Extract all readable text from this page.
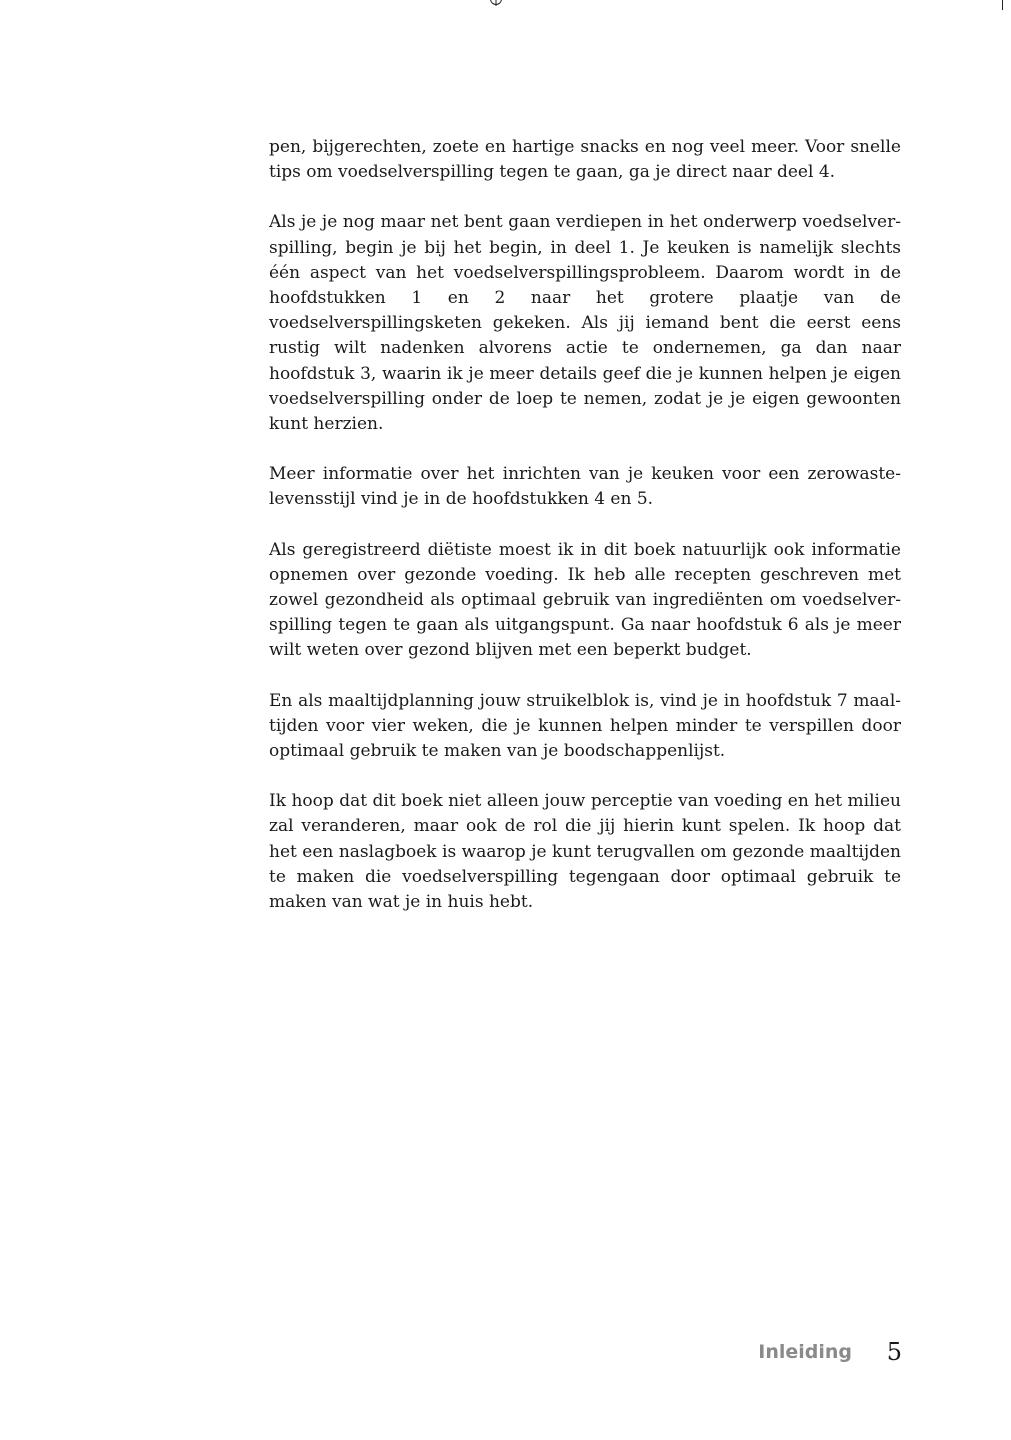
pen, bijgerechten, zoete en hartige snacks en nog veel meer. Voor snelle tips om voedselverspilling tegen te gaan, ga je direct naar deel 4.

Als je je nog maar net bent gaan verdiepen in het onderwerp voedselverspilling, begin je bij het begin, in deel 1. Je keuken is namelijk slechts één aspect van het voedselverspillingsprobleem. Daarom wordt in de hoofdstukken 1 en 2 naar het grotere plaatje van de voedselverspillingsketen gekeken. Als jij iemand bent die eerst eens rustig wilt nadenken alvorens actie te ondernemen, ga dan naar hoofdstuk 3, waarin ik je meer details geef die je kunnen helpen je eigen voedselverspilling onder de loep te nemen, zodat je je eigen gewoonten kunt herzien.

Meer informatie over het inrichten van je keuken voor een zerowastelevensstijl vind je in de hoofdstukken 4 en 5.

Als geregistreerd diëtiste moest ik in dit boek natuurlijk ook informatie opnemen over gezonde voeding. Ik heb alle recepten geschreven met zowel gezondheid als optimaal gebruik van ingrediënten om voedselverspilling tegen te gaan als uitgangspunt. Ga naar hoofdstuk 6 als je meer wilt weten over gezond blijven met een beperkt budget.

En als maaltijdplanning jouw struikelblok is, vind je in hoofdstuk 7 maaltijden voor vier weken, die je kunnen helpen minder te verspillen door optimaal gebruik te maken van je boodschappenlijst.

Ik hoop dat dit boek niet alleen jouw perceptie van voeding en het milieu zal veranderen, maar ook de rol die jij hierin kunt spelen. Ik hoop dat het een naslagboek is waarop je kunt terugvallen om gezonde maaltijden te maken die voedselverspilling tegengaan door optimaal gebruik te maken van wat je in huis hebt.

Inleiding	5
